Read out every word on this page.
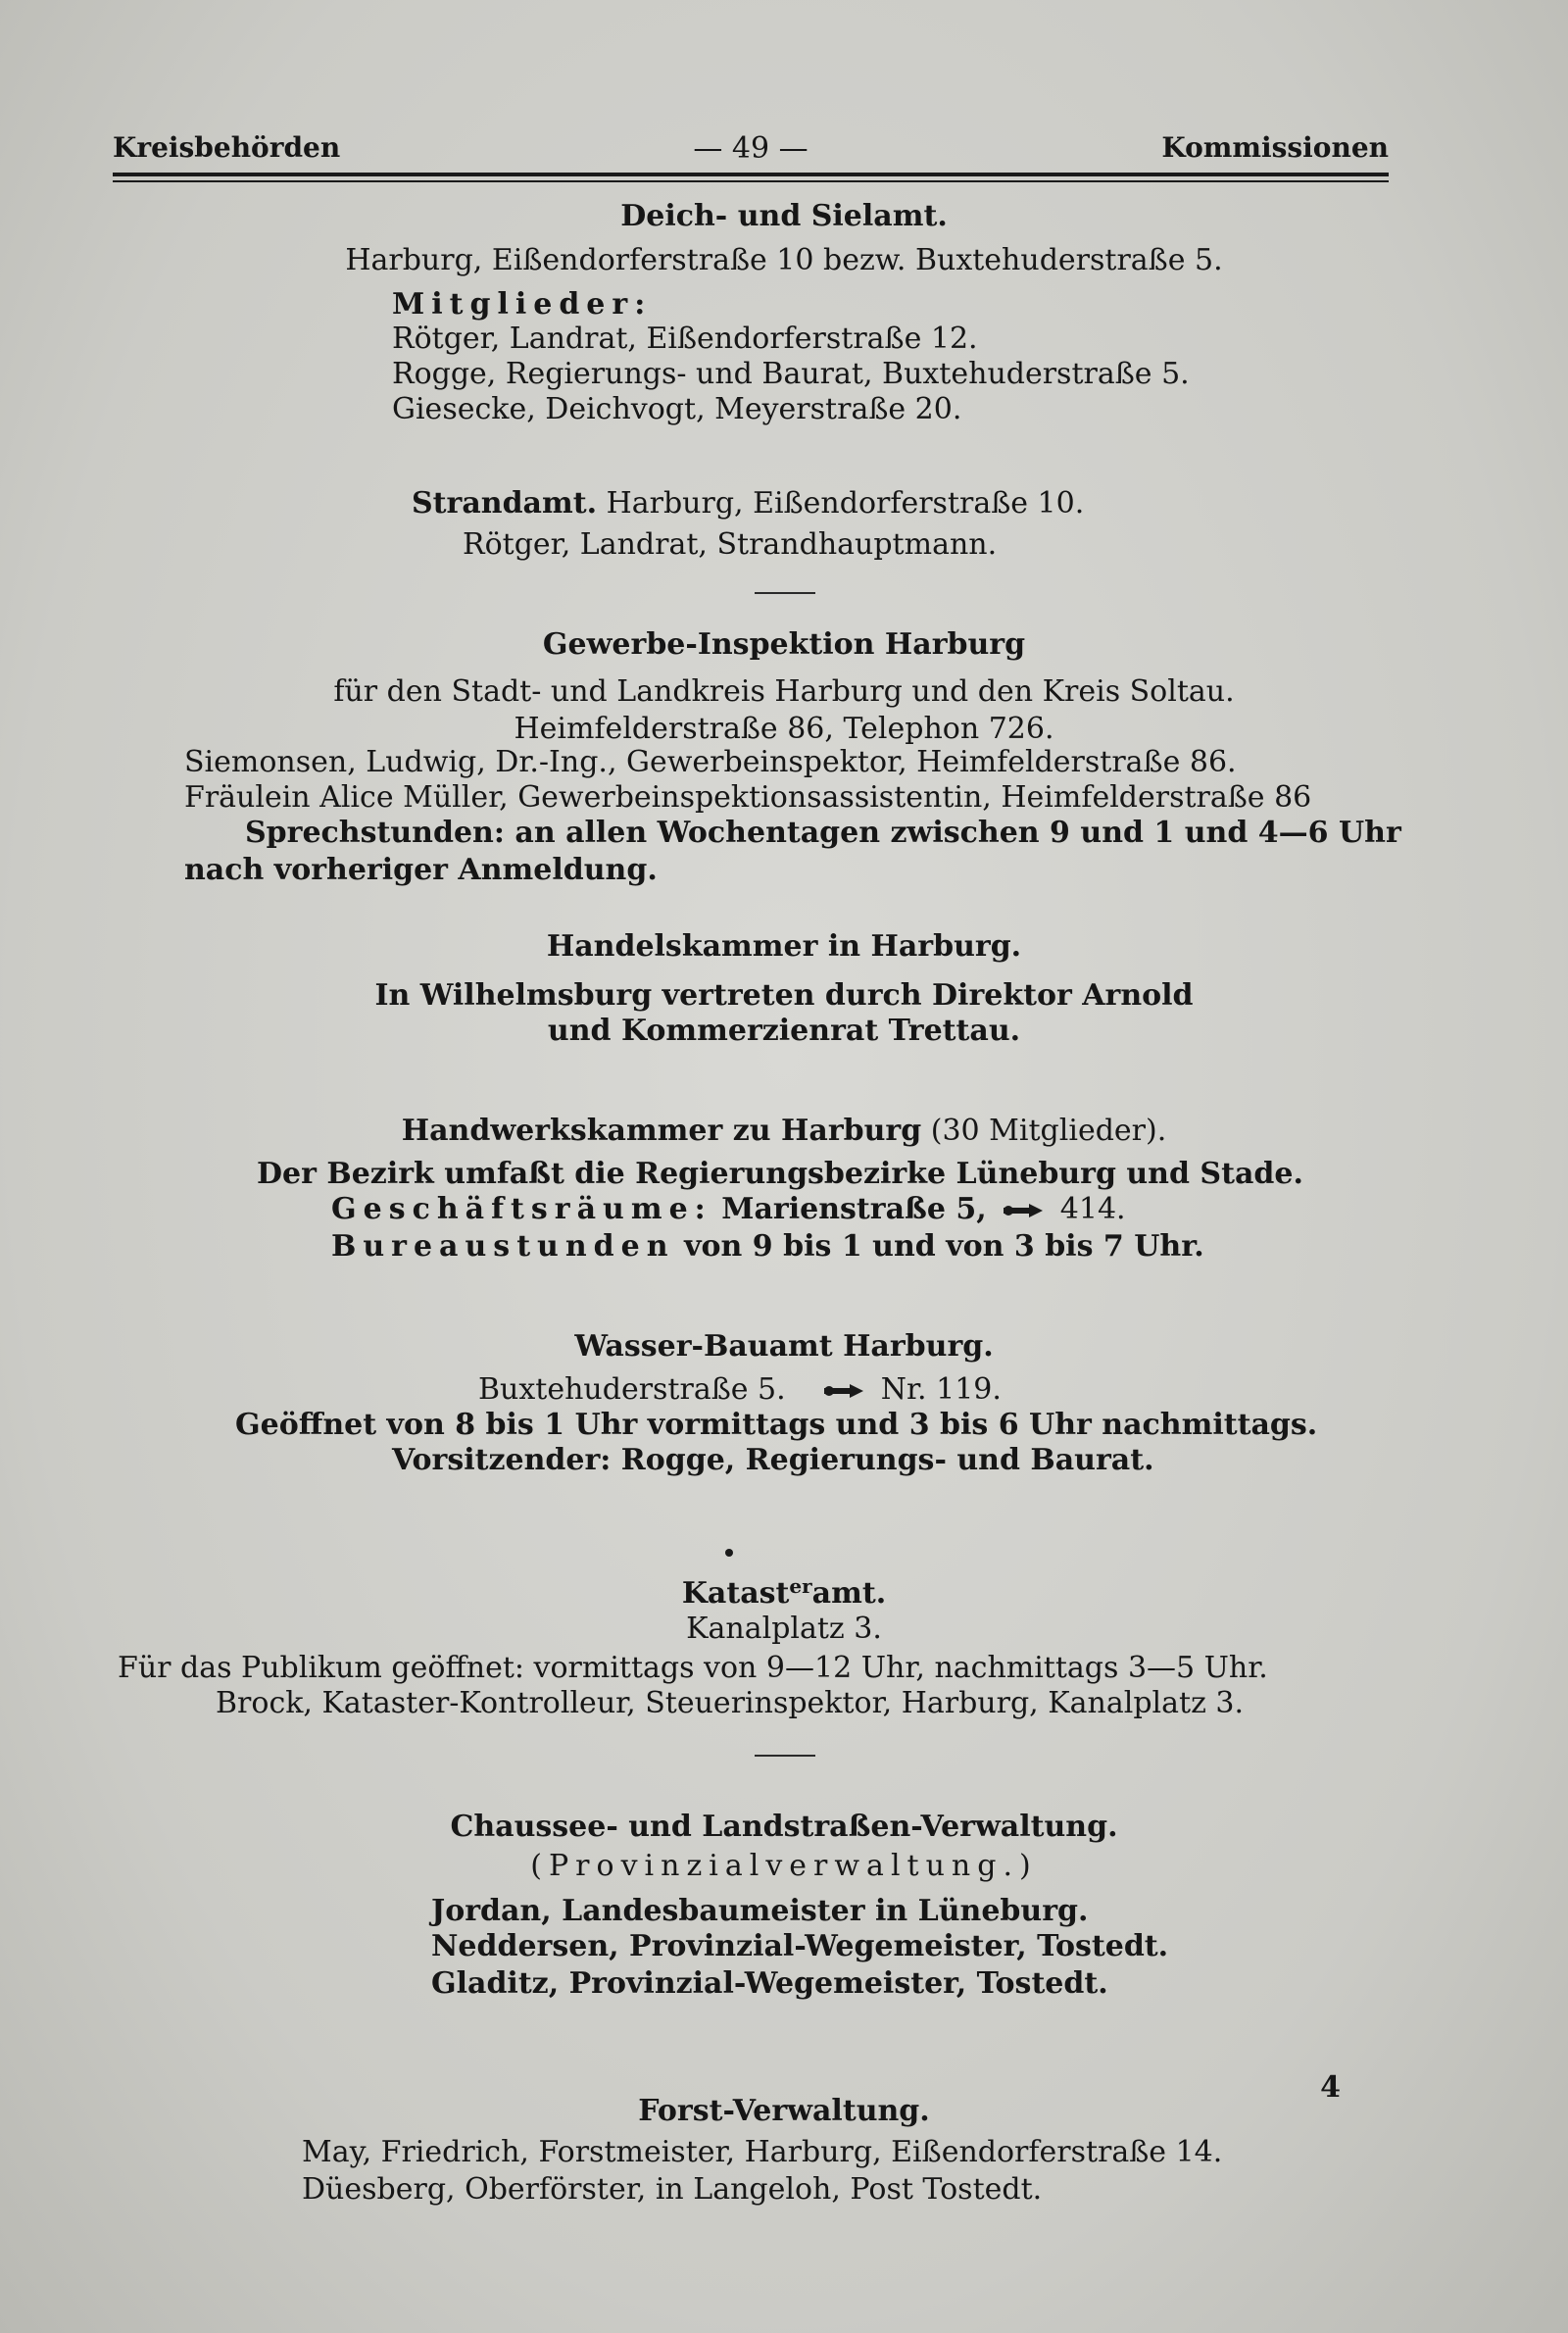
Kreisbehörden	— 49 —	Kommissionen
Deich- und Sielamt.
Harburg, Eißendorferstraße 10 bezw. Buxtehuderstraße 5.
Mitglieder:
Rötger, Landrat, Eißendorferstraße 12.
Rogge, Regierungs- und Baurat, Buxtehuderstraße 5.
Giesecke, Deichvogt, Meyerstraße 20.
Strandamt. Harburg, Eißendorferstraße 10.
Rötger, Landrat, Strandhauptmann.
Gewerbe-Inspektion Harburg
für den Stadt- und Landkreis Harburg und den Kreis Soltau.
Heimfelderstraße 86, Telephon 726.
Siemonsen, Ludwig, Dr.-Ing., Gewerbeinspektor, Heimfelderstraße 86.
Fräulein Alice Müller, Gewerbeinspektionsassistentin, Heimfelderstraße 86
Sprechstunden: an allen Wochentagen zwischen 9 und 1 und 4—6 Uhr
nach vorheriger Anmeldung.
Handelskammer in Harburg.
In Wilhelmsburg vertreten durch Direktor Arnold
und Kommerzienrat Trettau.
Handwerkskammer zu Harburg (30 Mitglieder).
Der Bezirk umfaßt die Regierungsbezirke Lüneburg und Stade.
Geschäftsräume: Marienstraße 5,	414.
Bureaustunden von 9 bis 1 und von 3 bis 7 Uhr.
Wasser-Bauamt Harburg.
Buxtehuderstraße 5.	Nr. 119.
Geöffnet von 8 bis 1 Uhr vormittags und 3 bis 6 Uhr nachmittags.
Vorsitzender: Rogge, Regierungs- und Baurat.
Katast$^{er}$amt.
Kanalplatz 3.
Für das Publikum geöffnet: vormittags von 9—12 Uhr, nachmittags 3—5 Uhr.
Brock, Kataster-Kontrolleur, Steuerinspektor, Harburg, Kanalplatz 3.
Chaussee- und Landstraßen-Verwaltung.
(Provinzialverwaltung.)
Jordan, Landesbaumeister in Lüneburg.
Neddersen, Provinzial-Wegemeister, Tostedt.
Gladitz, Provinzial-Wegemeister, Tostedt.
Forst-Verwaltung.
May, Friedrich, Forstmeister, Harburg, Eißendorferstraße 14.
Düesberg, Oberförster, in Langeloh, Post Tostedt.
4
